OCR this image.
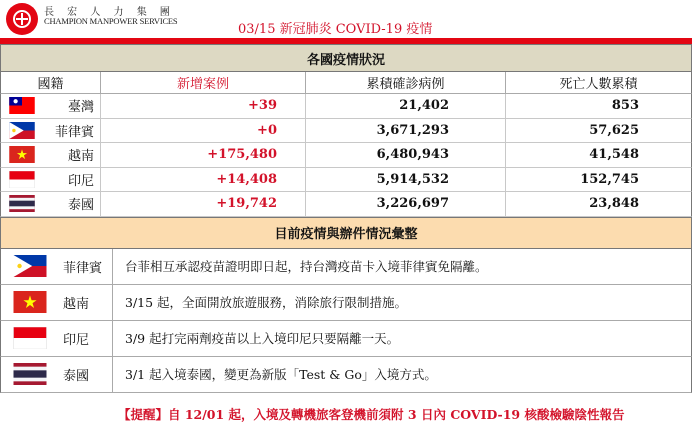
長 宏 人 力 集 團
CHAMPION MANPOWER SERVICES
03/15 新冠肺炎 COVID-19 疫情
各國疫情狀況
國籍	新增案例	累積確診病例	死亡人數累積
臺灣	+39	21,402	853
菲律賓	+0	3,671,293	57,625
越南	+175,480	6,480,943	41,548
印尼	+14,408	5,914,532	152,745
泰國	+19,742	3,226,697	23,848
目前疫情與辦件情況彙整
菲律賓	台菲相互承認疫苗證明即日起，持台灣疫苗卡入境菲律賓免隔離。
越南	3/15 起，全面開放旅遊服務，消除旅行限制措施。
印尼	3/9 起打完兩劑疫苗以上入境印尼只要隔離一天。
泰國	3/1 起入境泰國，變更為新版「Test & Go」入境方式。
【提醒】自 12/01 起，入境及轉機旅客登機前須附 3 日內 COVID-19 核酸檢驗陰性報告
